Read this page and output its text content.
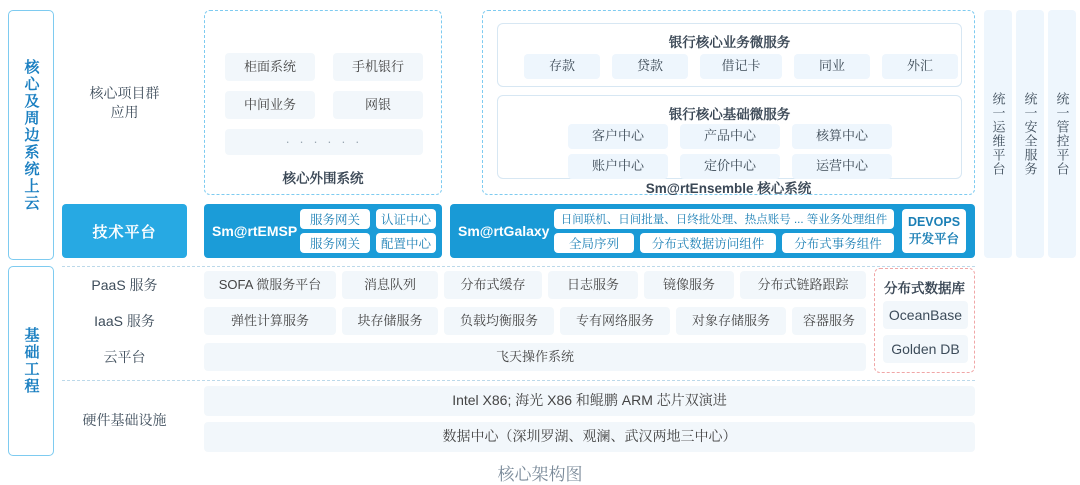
核心及周边系统上云
基础工程
核心项目群
应用
柜面系统	手机银行
中间业务	网银
· · · · · ·
核心外围系统
银行核心业务微服务
存款	贷款	借记卡	同业	外汇
银行核心基础微服务
客户中心	产品中心	核算中心
账户中心	定价中心	运营中心
Sm@rtEnsemble 核心系统
技术平台	Sm@rtEMSP
服务网关 认证中心
服务网关 配置中心
Sm@rtGalaxy
日间联机、日间批量、日终批处理、热点账号 ... 等业务处理组件
全局序列	分布式数据访问组件 分布式事务组件
DEVOPS
开发平台
PaaS 服务	SOFA 微服务平台	消息队列	分布式缓存	日志服务	镜像服务	分布式链路跟踪
IaaS 服务	弹性计算服务	块存储服务	负载均衡服务	专有网络服务	对象存储服务	容器服务
云平台	飞天操作系统
分布式数据库
OceanBase
Golden DB
硬件基础设施
Intel X86; 海光 X86 和鲲鹏 ARM 芯片双演进
数据中心（深圳罗湖、观澜、武汉两地三中心）
统一运维平台 统一安全服务 统一管控平台
核心架构图
